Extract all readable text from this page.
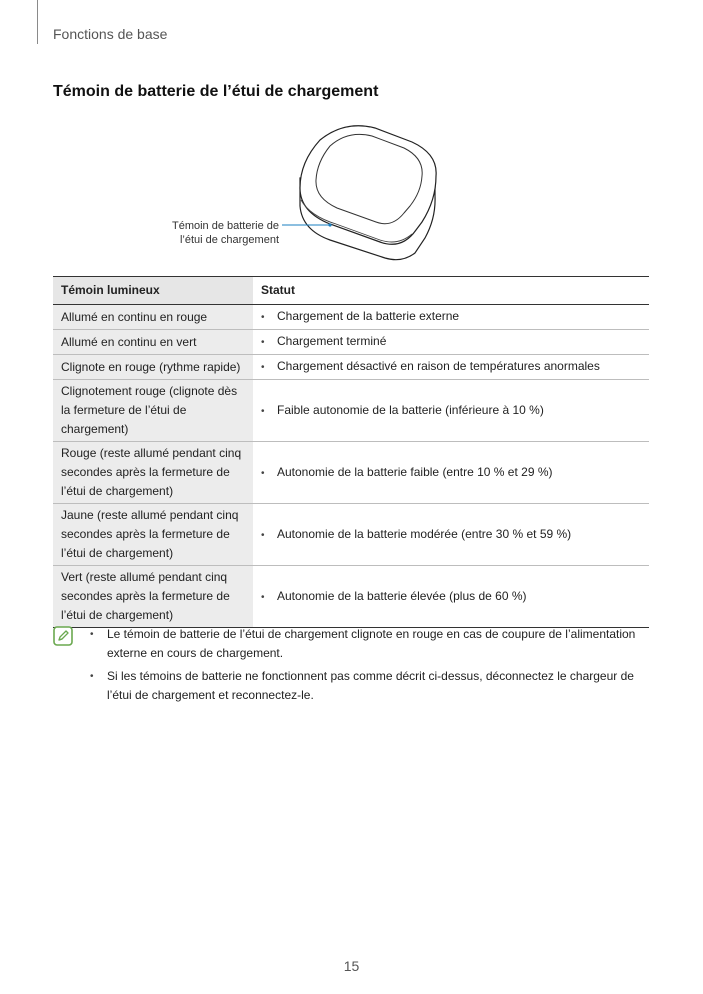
Fonctions de base
Témoin de batterie de l’étui de chargement
Témoin de batterie de
l’étui de chargement
Témoin lumineux	Statut
Allumé en continu en rouge	• Chargement de la batterie externe
Allumé en continu en vert	• Chargement terminé
Clignote en rouge (rythme rapide)	• Chargement désactivé en raison de températures anormales
Clignotement rouge (clignote dès la fermeture de l’étui de chargement)	• Faible autonomie de la batterie (inférieure à 10 %)
Rouge (reste allumé pendant cinq secondes après la fermeture de l’étui de chargement)	• Autonomie de la batterie faible (entre 10 % et 29 %)
Jaune (reste allumé pendant cinq secondes après la fermeture de l’étui de chargement)	• Autonomie de la batterie modérée (entre 30 % et 59 %)
Vert (reste allumé pendant cinq secondes après la fermeture de l’étui de chargement)	• Autonomie de la batterie élevée (plus de 60 %)
• Le témoin de batterie de l’étui de chargement clignote en rouge en cas de coupure de l’alimentation externe en cours de chargement.
• Si les témoins de batterie ne fonctionnent pas comme décrit ci-dessus, déconnectez le chargeur de l’étui de chargement et reconnectez-le.
15
